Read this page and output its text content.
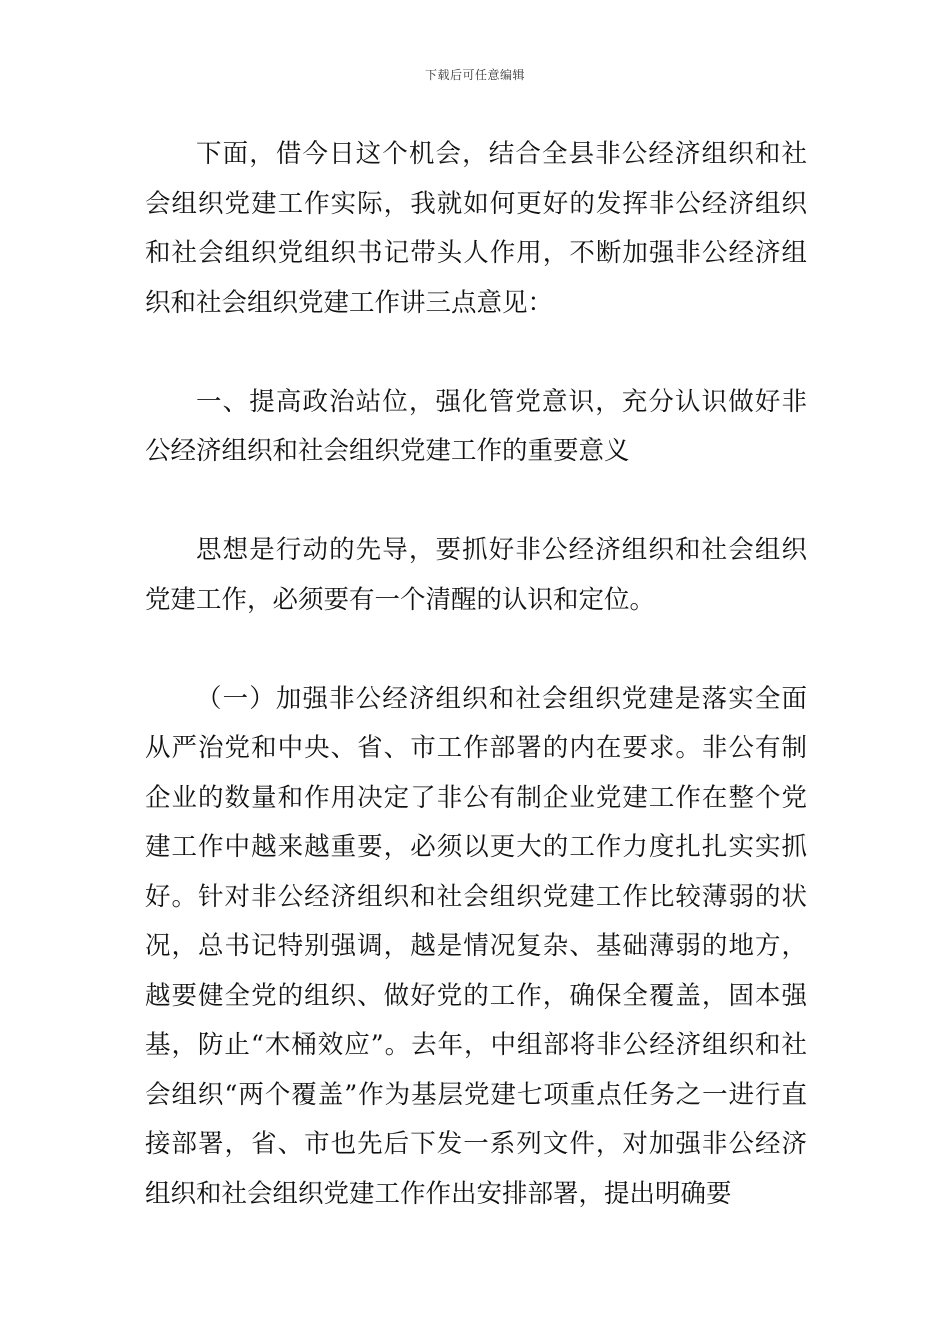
下载后可任意编辑

下面，借今日这个机会，结合全县非公经济组织和社会组织党建工作实际，我就如何更好的发挥非公经济组织和社会组织党组织书记带头人作用，不断加强非公经济组织和社会组织党建工作讲三点意见：

一、提高政治站位，强化管党意识，充分认识做好非公经济组织和社会组织党建工作的重要意义

思想是行动的先导，要抓好非公经济组织和社会组织党建工作，必须要有一个清醒的认识和定位。

（一）加强非公经济组织和社会组织党建是落实全面从严治党和中央、省、市工作部署的内在要求。非公有制企业的数量和作用决定了非公有制企业党建工作在整个党建工作中越来越重要，必须以更大的工作力度扎扎实实抓好。针对非公经济组织和社会组织党建工作比较薄弱的状况，总书记特别强调，越是情况复杂、基础薄弱的地方，越要健全党的组织、做好党的工作，确保全覆盖，固本强基，防止“木桶效应”。去年，中组部将非公经济组织和社会组织“两个覆盖”作为基层党建七项重点任务之一进行直接部署，省、市也先后下发一系列文件，对加强非公经济组织和社会组织党建工作作出安排部署，提出明确要
